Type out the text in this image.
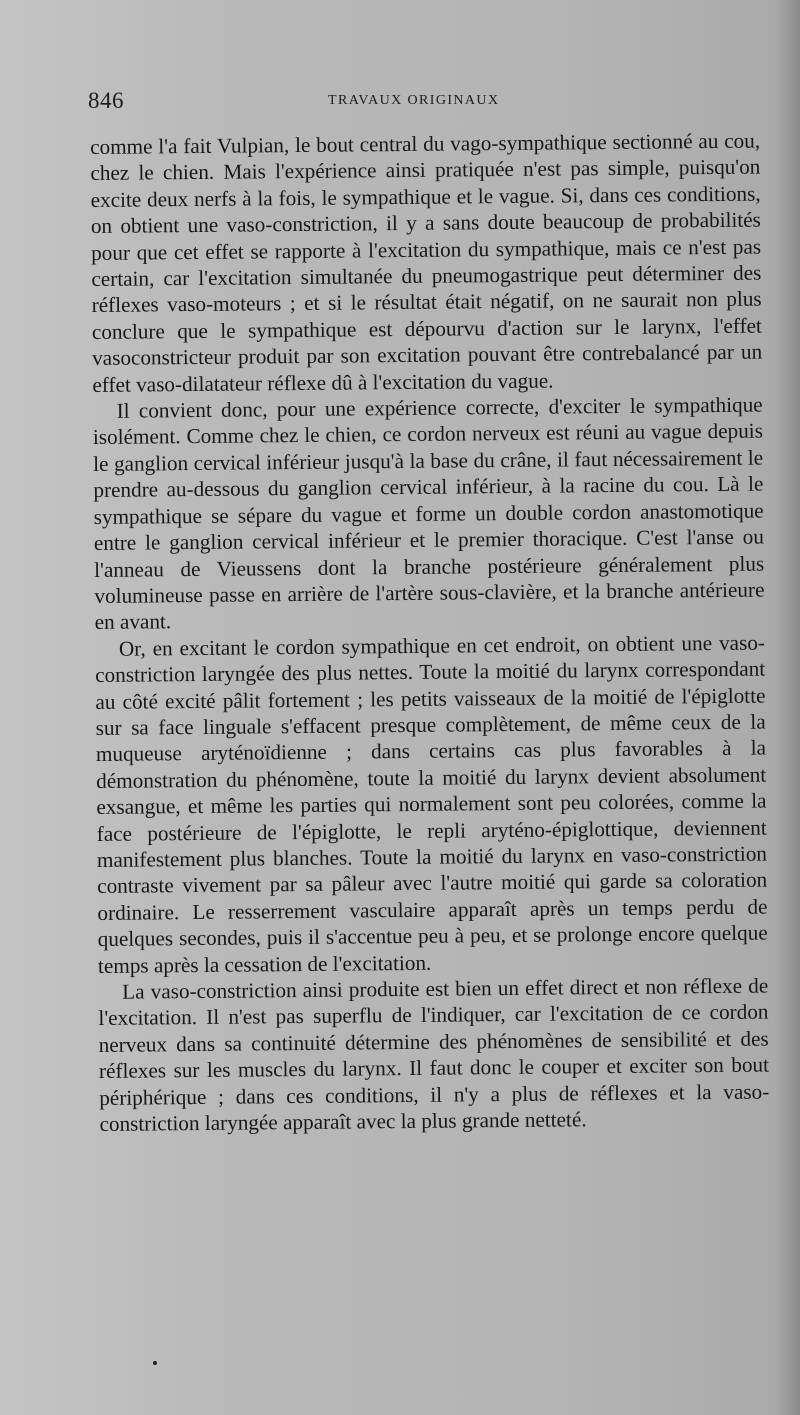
846	TRAVAUX ORIGINAUX

comme l'a fait Vulpian, le bout central du vago-sympathique sectionné au cou, chez le chien. Mais l'expérience ainsi pratiquée n'est pas simple, puisqu'on excite deux nerfs à la fois, le sympathique et le vague. Si, dans ces conditions, on obtient une vaso-constriction, il y a sans doute beaucoup de probabilités pour que cet effet se rapporte à l'excitation du sympathique, mais ce n'est pas certain, car l'excitation simultanée du pneumogastrique peut déterminer des réflexes vaso-moteurs ; et si le résultat était négatif, on ne saurait non plus conclure que le sympathique est dépourvu d'action sur le larynx, l'effet vasoconstricteur produit par son excitation pouvant être contrebalancé par un effet vaso-dilatateur réflexe dû à l'excitation du vague.

Il convient donc, pour une expérience correcte, d'exciter le sympathique isolément. Comme chez le chien, ce cordon nerveux est réuni au vague depuis le ganglion cervical inférieur jusqu'à la base du crâne, il faut nécessairement le prendre au-dessous du ganglion cervical inférieur, à la racine du cou. Là le sympathique se sépare du vague et forme un double cordon anastomotique entre le ganglion cervical inférieur et le premier thoracique. C'est l'anse ou l'anneau de Vieussens dont la branche postérieure généralement plus volumineuse passe en arrière de l'artère sous-clavière, et la branche antérieure en avant.

Or, en excitant le cordon sympathique en cet endroit, on obtient une vaso-constriction laryngée des plus nettes. Toute la moitié du larynx correspondant au côté excité pâlit fortement ; les petits vaisseaux de la moitié de l'épiglotte sur sa face linguale s'effacent presque complètement, de même ceux de la muqueuse aryténoïdienne ; dans certains cas plus favorables à la démonstration du phénomène, toute la moitié du larynx devient absolument exsangue, et même les parties qui normalement sont peu colorées, comme la face postérieure de l'épiglotte, le repli aryténo-épiglottique, deviennent manifestement plus blanches. Toute la moitié du larynx en vaso-constriction contraste vivement par sa pâleur avec l'autre moitié qui garde sa coloration ordinaire. Le resserrement vasculaire apparaît après un temps perdu de quelques secondes, puis il s'accentue peu à peu, et se prolonge encore quelque temps après la cessation de l'excitation.

La vaso-constriction ainsi produite est bien un effet direct et non réflexe de l'excitation. Il n'est pas superflu de l'indiquer, car l'excitation de ce cordon nerveux dans sa continuité détermine des phénomènes de sensibilité et des réflexes sur les muscles du larynx. Il faut donc le couper et exciter son bout périphérique ; dans ces conditions, il n'y a plus de réflexes et la vaso-constriction laryngée apparaît avec la plus grande netteté.
